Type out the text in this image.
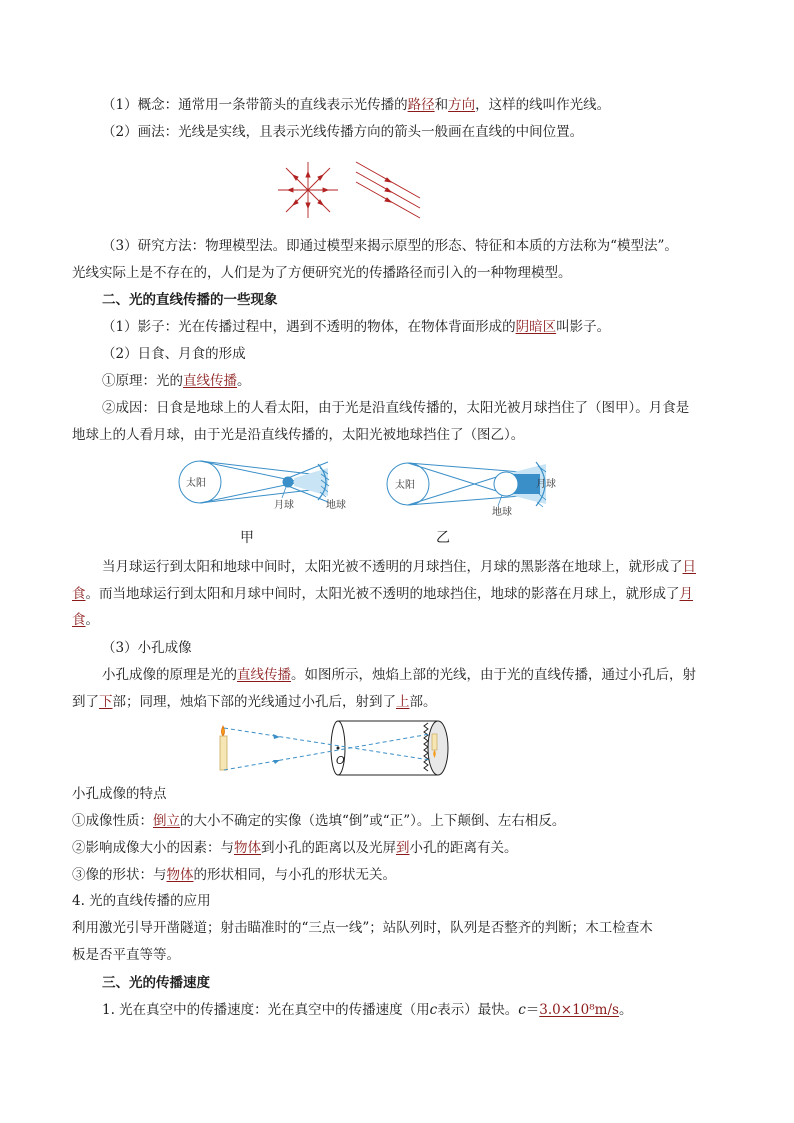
（1）概念：通常用一条带箭头的直线表示光传播的路径和方向，这样的线叫作光线。
（2）画法：光线是实线，且表示光线传播方向的箭头一般画在直线的中间位置。
（3）研究方法：物理模型法。即通过模型来揭示原型的形态、特征和本质的方法称为“模型法”。
光线实际上是不存在的，人们是为了方便研究光的传播路径而引入的一种物理模型。
二、光的直线传播的一些现象
（1）影子：光在传播过程中，遇到不透明的物体，在物体背面形成的阴暗区叫影子。
（2）日食、月食的形成
①原理：光的直线传播。
②成因：日食是地球上的人看太阳，由于光是沿直线传播的，太阳光被月球挡住了（图甲）。月食是
地球上的人看月球，由于光是沿直线传播的，太阳光被地球挡住了（图乙）。
太阳
月球	地球
太阳	月球
地球
甲	乙
当月球运行到太阳和地球中间时，太阳光被不透明的月球挡住，月球的黑影落在地球上，就形成了日
食。而当地球运行到太阳和月球中间时，太阳光被不透明的地球挡住，地球的影落在月球上，就形成了月
食。
（3）小孔成像
小孔成像的原理是光的直线传播。如图所示，烛焰上部的光线，由于光的直线传播，通过小孔后，射
到了下部；同理，烛焰下部的光线通过小孔后，射到了上部。
O
小孔成像的特点
①成像性质：倒立的大小不确定的实像（选填“倒”或“正”）。上下颠倒、左右相反。
②影响成像大小的因素：与物体到小孔的距离以及光屏到小孔的距离有关。
③像的形状：与物体的形状相同，与小孔的形状无关。
4. 光的直线传播的应用
利用激光引导开凿隧道；射击瞄准时的“三点一线”；站队列时，队列是否整齐的判断；木工检查木
板是否平直等等。
三、光的传播速度
1. 光在真空中的传播速度：光在真空中的传播速度（用c表示）最快。c＝3.0×10⁸m/s。
